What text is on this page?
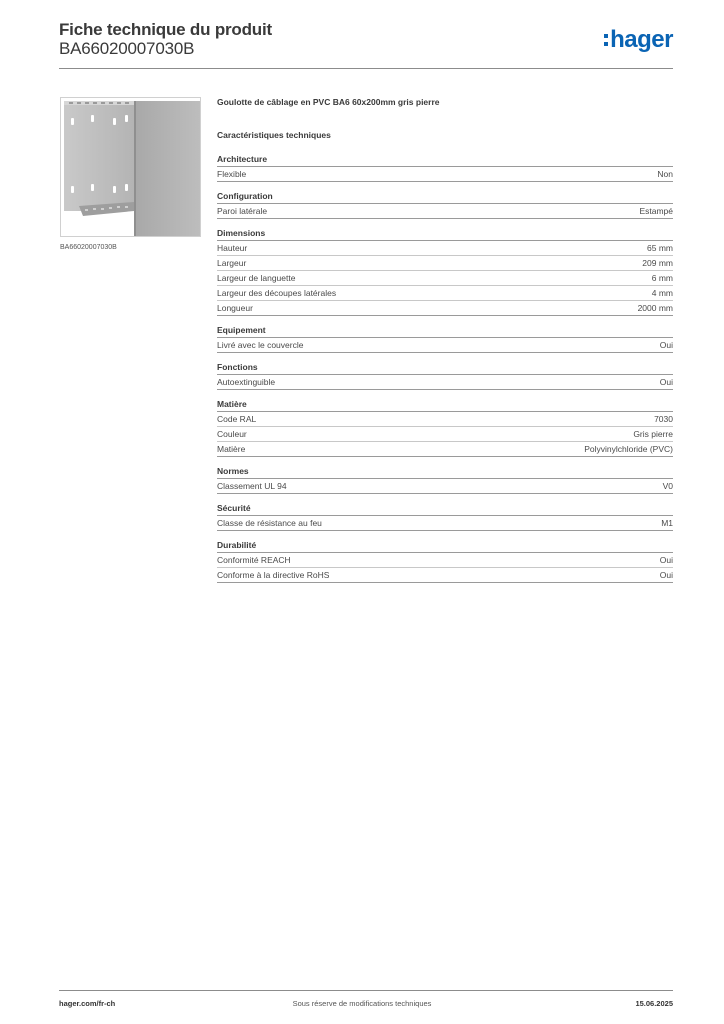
Fiche technique du produit
BA66020007030B	hager
BA66020007030B
Goulotte de câblage en PVC BA6 60x200mm gris pierre
Caractéristiques techniques
Architecture
Flexible	Non
Configuration
Paroi latérale	Estampé
Dimensions
Hauteur	65 mm
Largeur	209 mm
Largeur de languette	6 mm
Largeur des découpes latérales	4 mm
Longueur	2000 mm
Equipement
Livré avec le couvercle	Oui
Fonctions
Autoextinguible	Oui
Matière
Code RAL	7030
Couleur	Gris pierre
Matière	Polyvinylchloride (PVC)
Normes
Classement UL 94	V0
Sécurité
Classe de résistance au feu	M1
Durabilité
Conformité REACH	Oui
Conforme à la directive RoHS	Oui
hager.com/fr-ch	Sous réserve de modifications techniques	15.06.2025
